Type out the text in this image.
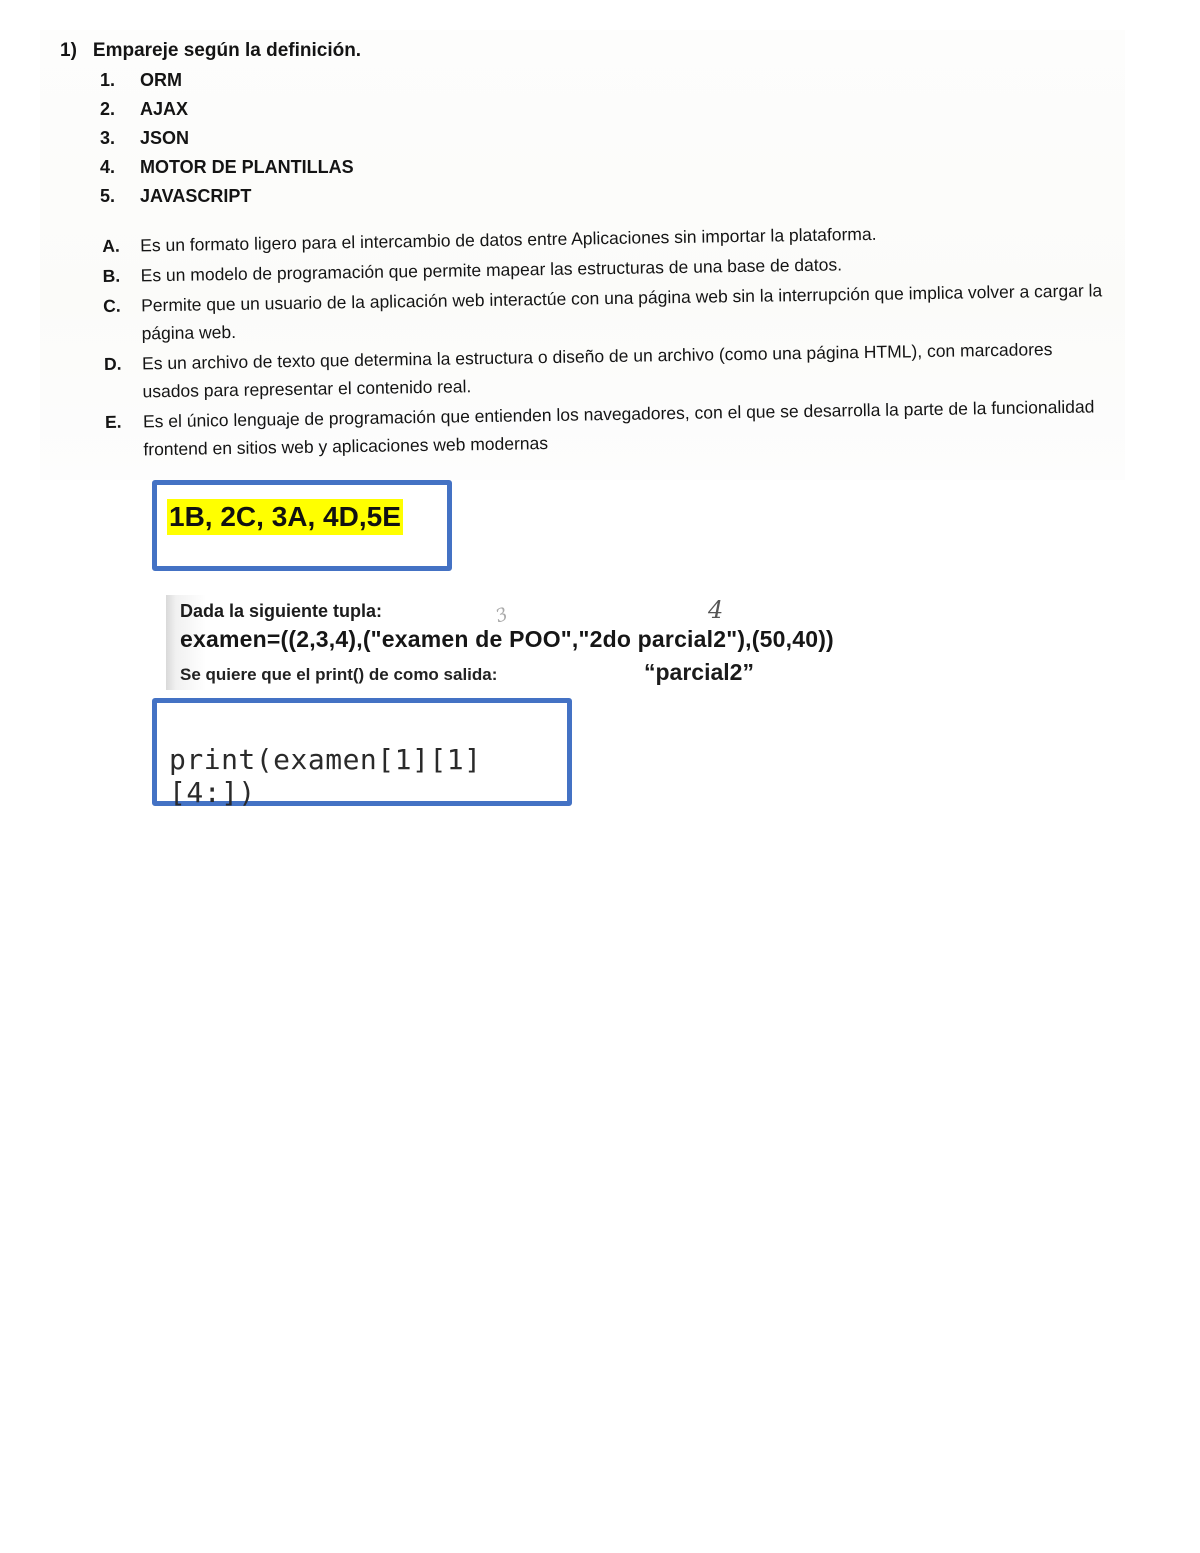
1) Empareje según la definición.
1.	ORM
2.	AJAX
3.	JSON
4.	MOTOR DE PLANTILLAS
5.	JAVASCRIPT
A.	Es un formato ligero para el intercambio de datos entre Aplicaciones sin importar la plataforma.
B.	Es un modelo de programación que permite mapear las estructuras de una base de datos.
C.	Permite que un usuario de la aplicación web interactúe con una página web sin la interrupción que implica volver a cargar la página web.
D.	Es un archivo de texto que determina la estructura o diseño de un archivo (como una página HTML), con marcadores usados para representar el contenido real.
E.	Es el único lenguaje de programación que entienden los navegadores, con el que se desarrolla la parte de la funcionalidad frontend en sitios web y aplicaciones web modernas
1B, 2C, 3A, 4D,5E
Dada la siguiente tupla:
examen=((2,3,4),("examen de POO","2do parcial2"),(50,40))
Se quiere que el print() de como salida:	“parcial2”
4
3
print(examen[1][1][4:])
